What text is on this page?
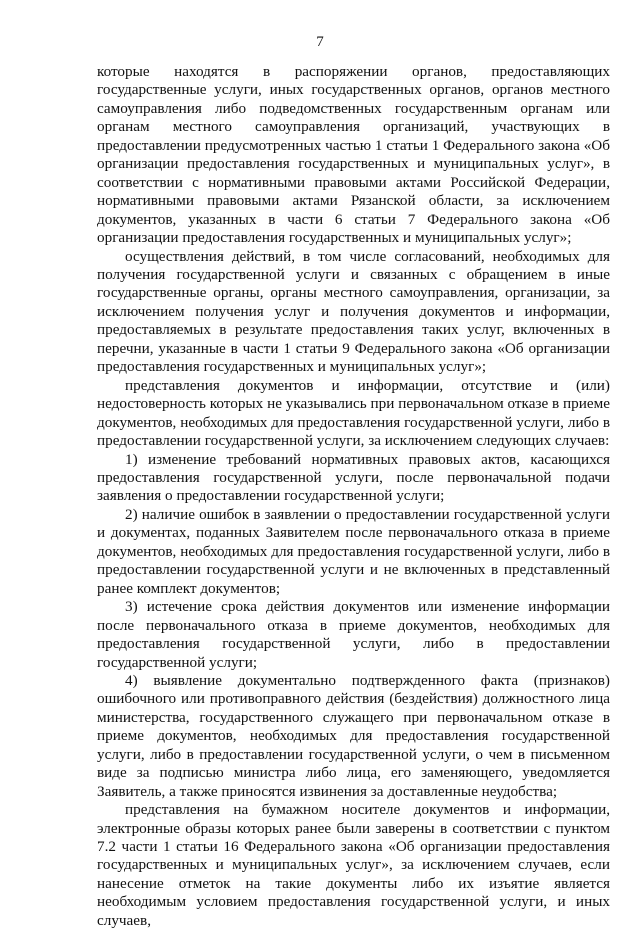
7

которые находятся в распоряжении органов, предоставляющих государственные услуги, иных государственных органов, органов местного самоуправления либо подведомственных государственным органам или органам местного самоуправления организаций, участвующих в предоставлении предусмотренных частью 1 статьи 1 Федерального закона «Об организации предоставления государственных и муниципальных услуг», в соответствии с нормативными правовыми актами Российской Федерации, нормативными правовыми актами Рязанской области, за исключением документов, указанных в части 6 статьи 7 Федерального закона «Об организации предоставления государственных и муниципальных услуг»;

осуществления действий, в том числе согласований, необходимых для получения государственной услуги и связанных с обращением в иные государственные органы, органы местного самоуправления, организации, за исключением получения услуг и получения документов и информации, предоставляемых в результате предоставления таких услуг, включенных в перечни, указанные в части 1 статьи 9 Федерального закона «Об организации предоставления государственных и муниципальных услуг»;

представления документов и информации, отсутствие и (или) недостоверность которых не указывались при первоначальном отказе в приеме документов, необходимых для предоставления государственной услуги, либо в предоставлении государственной услуги, за исключением следующих случаев:

1) изменение требований нормативных правовых актов, касающихся предоставления государственной услуги, после первоначальной подачи заявления о предоставлении государственной услуги;

2) наличие ошибок в заявлении о предоставлении государственной услуги и документах, поданных Заявителем после первоначального отказа в приеме документов, необходимых для предоставления государственной услуги, либо в предоставлении государственной услуги и не включенных в представленный ранее комплект документов;

3) истечение срока действия документов или изменение информации после первоначального отказа в приеме документов, необходимых для предоставления государственной услуги, либо в предоставлении государственной услуги;

4) выявление документально подтвержденного факта (признаков) ошибочного или противоправного действия (бездействия) должностного лица министерства, государственного служащего при первоначальном отказе в приеме документов, необходимых для предоставления государственной услуги, либо в предоставлении государственной услуги, о чем в письменном виде за подписью министра либо лица, его заменяющего, уведомляется Заявитель, а также приносятся извинения за доставленные неудобства;

представления на бумажном носителе документов и информации, электронные образы которых ранее были заверены в соответствии с пунктом 7.2 части 1 статьи 16 Федерального закона «Об организации предоставления государственных и муниципальных услуг», за исключением случаев, если нанесение отметок на такие документы либо их изъятие является необходимым условием предоставления государственной услуги, и иных случаев,
